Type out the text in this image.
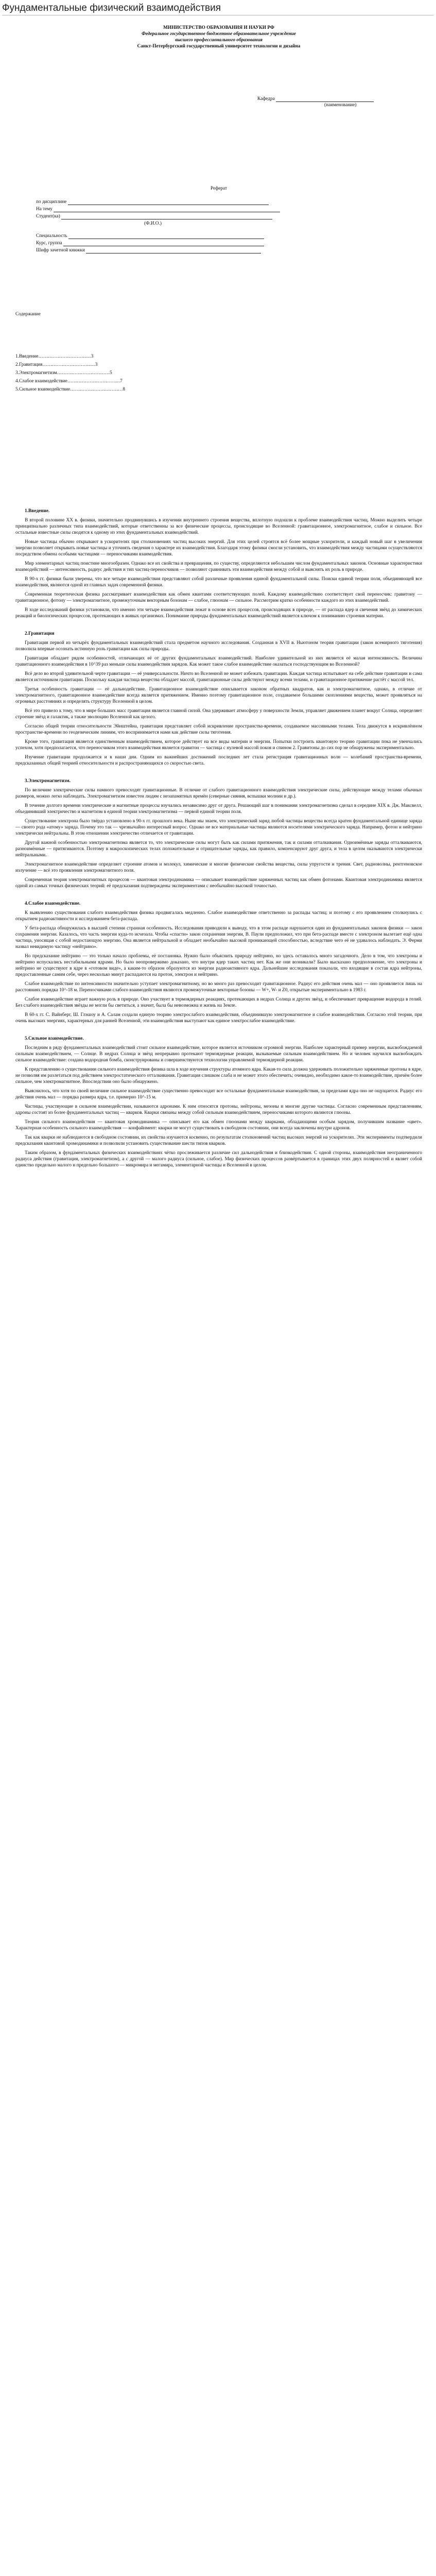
Фундаментальные физический взаимодействия

МИНИСТЕРСТВО ОБРАЗОВАНИЯ И НАУКИ РФ

Федеральное государственное бюджетное образовательное учреждение

высшего профессионального образования

Санкт-Петербургский государственный университет технологии и дизайна

Кафедра
(наименование)

Реферат

по дисциплине
На тему
Студент(ка)
(Ф.И.О.)
Специальность
Курс, группа
Шифр зачетной книжки

Содержание

1.Введение……………………………3
2.Гравитация……………………………3
3.Электромагнетизм……………………………5
4.Слабое взаимодействие……………………………7
5.Сильное взаимодействие……………………………8

1.Введение.

В второй половине XX в. физики, значительно продвинувшись в изучении внутреннего строения вещества, вплотную подошли к проблеме взаимодействия частиц. Можно выделить четыре принципиально различных типа взаимодействий, которые ответственны за все физические процессы, происходящие во Вселенной: гравитационное, электромагнитное, слабое и сильное. Все остальные известные силы сводятся к одному из этих фундаментальных взаимодействий.

Новые частицы обычно открывают в ускорителях при столкновениях частиц высоких энергий. Для этих целей строятся всё более мощные ускорители, и каждый новый шаг в увеличении энергии позволяет открывать новые частицы и уточнять сведения о характере их взаимодействия. Благодаря этому физики смогли установить, что взаимодействия между частицами осуществляются посредством обмена особыми частицами — переносчиками взаимодействия.

Мир элементарных частиц поистине многообразен. Однако все их свойства и превращения, по существу, определяются небольшим числом фундаментальных законов. Основные характеристики взаимодействий — интенсивность, радиус действия и тип частиц-переносчиков — позволяют сравнивать эти взаимодействия между собой и выяснять их роль в природе.

В 90-х гг. физики были уверены, что все четыре взаимодействия представляют собой различные проявления единой фундаментальной силы. Поиски единой теории поля, объединяющей все взаимодействия, являются одной из главных задач современной физики.

Современная теоретическая физика рассматривает взаимодействия как обмен квантами соответствующих полей. Каждому взаимодействию соответствует свой переносчик: гравитону — гравитационное, фотону — электромагнитное, промежуточным векторным бозонам — слабое, глюонам — сильное. Рассмотрим кратко особенности каждого из этих взаимодействий.

В ходе исследований физики установили, что именно эти четыре взаимодействия лежат в основе всех процессов, происходящих в природе, — от распада ядер и свечения звёзд до химических реакций и биологических процессов, протекающих в живых организмах. Понимание природы фундаментальных взаимодействий является ключом к пониманию строения материи.

2.Гравитация

Гравитация первой из четырёх фундаментальных взаимодействий стала предметом научного исследования. Созданная в XVII в. Ньютоном теория гравитации (закон всемирного тяготения) позволила впервые осознать истинную роль гравитации как силы природы.

Гравитация обладает рядом особенностей, отличающих её от других фундаментальных взаимодействий. Наиболее удивительной из них является её малая интенсивность. Величина гравитационного взаимодействия в 10^39 раз меньше силы взаимодействия зарядов. Как может такое слабое взаимодействие оказаться господствующим во Вселенной?

Всё дело во второй удивительной черте гравитации — её универсальности. Ничто во Вселенной не может избежать гравитации. Каждая частица испытывает на себе действие гравитации и сама является источником гравитации. Поскольку каждая частица вещества обладает массой, гравитационные силы действуют между всеми телами, и гравитационное притяжение растёт с массой тел.

Третья особенность гравитации — её дальнодействие. Гравитационное взаимодействие описывается законом обратных квадратов, как и электромагнитное, однако, в отличие от электромагнитного, гравитационное взаимодействие всегда является притяжением. Именно поэтому гравитационное поле, создаваемое большими скоплениями вещества, может проявляться на огромных расстояниях и определять структуру Вселенной в целом.

Всё это привело к тому, что в мире больших масс гравитация является главной силой. Она удерживает атмосферу у поверхности Земли, управляет движением планет вокруг Солнца, определяет строение звёзд и галактик, а также эволюцию Вселенной как целого.

Согласно общей теории относительности Эйнштейна, гравитация представляет собой искривление пространства-времени, создаваемое массивными телами. Тела движутся в искривлённом пространстве-времени по геодезическим линиям, что воспринимается нами как действие силы тяготения.

Кроме того, гравитация является единственным взаимодействием, которое действует на все виды материи и энергии. Попытки построить квантовую теорию гравитации пока не увенчались успехом, хотя предполагается, что переносчиком этого взаимодействия является гравитон — частица с нулевой массой покоя и спином 2. Гравитоны до сих пор не обнаружены экспериментально.

Изучение гравитации продолжается и в наши дни. Одним из важнейших достижений последних лет стала регистрация гравитационных волн — колебаний пространства-времени, предсказанных общей теорией относительности и распространяющихся со скоростью света.

3.Электромагнетизм.

По величине электрические силы намного превосходят гравитационные. В отличие от слабого гравитационного взаимодействия электрические силы, действующие между телами обычных размеров, можно легко наблюдать. Электромагнетизм известен людям с незапамятных времён (северные сияния, вспышки молнии и др.).

В течение долгого времени электрические и магнитные процессы изучались независимо друг от друга. Решающий шаг в понимании электромагнетизма сделал в середине XIX в. Дж. Максвелл, объединивший электричество и магнетизм в единой теории электромагнетизма — первой единой теории поля.

Существование электрона было твёрдо установлено в 90-х гг. прошлого века. Ныне мы знаем, что электрический заряд любой частицы вещества всегда кратен фундаментальной единице заряда — своего рода «атому» заряда. Почему это так — чрезвычайно интересный вопрос. Однако не все материальные частицы являются носителями электрического заряда. Например, фотон и нейтрино электрически нейтральны. В этом отношении электричество отличается от гравитации.

Другой важной особенностью электромагнетизма является то, что электрические силы могут быть как силами притяжения, так и силами отталкивания. Одноимённые заряды отталкиваются, разноимённые — притягиваются. Поэтому в макроскопических телах положительные и отрицательные заряды, как правило, компенсируют друг друга, и тела в целом оказываются электрически нейтральными.

Электромагнитное взаимодействие определяет строение атомов и молекул, химические и многие физические свойства вещества, силы упругости и трения. Свет, радиоволны, рентгеновское излучение — всё это проявления электромагнитного поля.

Современная теория электромагнитных процессов — квантовая электродинамика — описывает взаимодействие заряженных частиц как обмен фотонами. Квантовая электродинамика является одной из самых точных физических теорий: её предсказания подтверждены экспериментами с необычайно высокой точностью.

4.Слабое взаимодействие.

К выявлению существования слабого взаимодействия физика продвигалась медленно. Слабое взаимодействие ответственно за распады частиц; и поэтому с его проявлением столкнулись с открытием радиоактивности и исследованием бета-распада.

У бета-распада обнаружилась в высшей степени странная особенность. Исследования приводили к выводу, что в этом распаде нарушается один из фундаментальных законов физики — закон сохранения энергии. Казалось, что часть энергии куда-то исчезала. Чтобы «спасти» закон сохранения энергии, В. Паули предположил, что при бета-распаде вместе с электроном вылетает ещё одна частица, уносящая с собой недостающую энергию. Она является нейтральной и обладает необычайно высокой проникающей способностью, вследствие чего её не удавалось наблюдать. Э. Ферми назвал невидимую частицу «нейтрино».

Но предсказание нейтрино — это только начало проблемы, её постановка. Нужно было объяснить природу нейтрино, но здесь оставалось много загадочного. Дело в том, что электроны и нейтрино испускались нестабильными ядрами. Но было неопровержимо доказано, что внутри ядер таких частиц нет. Как же они возникали? Было высказано предположение, что электроны и нейтрино не существуют в ядре в «готовом виде», а каким-то образом образуются из энергии радиоактивного ядра. Дальнейшие исследования показали, что входящие в состав ядра нейтроны, предоставленные самим себе, через несколько минут распадаются на протон, электрон и нейтрино.

Слабое взаимодействие по интенсивности значительно уступает электромагнитному, но во много раз превосходит гравитационное. Радиус его действия очень мал — оно проявляется лишь на расстояниях порядка 10^-18 м. Переносчиками слабого взаимодействия являются промежуточные векторные бозоны — W+, W- и Z0, открытые экспериментально в 1983 г.

Слабое взаимодействие играет важную роль в природе. Оно участвует в термоядерных реакциях, протекающих в недрах Солнца и других звёзд, и обеспечивает превращение водорода в гелий. Без слабого взаимодействия звёзды не могли бы светиться, а значит, была бы невозможна и жизнь на Земле.

В 60-х гг. С. Вайнберг, Ш. Глэшоу и А. Салам создали единую теорию электрослабого взаимодействия, объединившую электромагнитное и слабое взаимодействия. Согласно этой теории, при очень высоких энергиях, характерных для ранней Вселенной, эти взаимодействия выступают как единое электрослабое взаимодействие.

5.Сильное взаимодействие.

Последним в ряду фундаментальных взаимодействий стоит сильное взаимодействие, которое является источником огромной энергии. Наиболее характерный пример энергии, высвобождаемой сильным взаимодействием, — Солнце. В недрах Солнца и звёзд непрерывно протекают термоядерные реакции, вызываемые сильным взаимодействием. Но и человек научился высвобождать сильное взаимодействие: создана водородная бомба, сконструированы и совершенствуются технологии управляемой термоядерной реакции.

К представлению о существовании сильного взаимодействия физика шла в ходе изучения структуры атомного ядра. Какая-то сила должна удерживать положительно заряженные протоны в ядре, не позволяя им разлетаться под действием электростатического отталкивания. Гравитация слишком слаба и не может этого обеспечить; очевидно, необходимо какое-то взаимодействие, причём более сильное, чем электромагнитное. Впоследствии оно было обнаружено.

Выяснилось, что хотя по своей величине сильное взаимодействие существенно превосходит все остальные фундаментальные взаимодействия, за пределами ядра оно не ощущается. Радиус его действия очень мал — порядка размера ядра, т.е. примерно 10^-15 м.

Частицы, участвующие в сильном взаимодействии, называются адронами. К ним относятся протоны, нейтроны, мезоны и многие другие частицы. Согласно современным представлениям, адроны состоят из более фундаментальных частиц — кварков. Кварки связаны между собой сильным взаимодействием, переносчиками которого являются глюоны.

Теория сильного взаимодействия — квантовая хромодинамика — описывает его как обмен глюонами между кварками, обладающими особым зарядом, получившим название «цвет». Характерная особенность сильного взаимодействия — конфайнмент: кварки не могут существовать в свободном состоянии, они всегда заключены внутри адронов.

Так как кварки не наблюдаются в свободном состоянии, их свойства изучаются косвенно, по результатам столкновений частиц высоких энергий на ускорителях. Эти эксперименты подтвердили предсказания квантовой хромодинамики и позволили установить существование шести типов кварков.

Таким образом, в фундаментальных физических взаимодействиях чётко прослеживается различие сил дальнодействия и близкодействия. С одной стороны, взаимодействия неограниченного радиуса действия (гравитация, электромагнетизм), а с другой — малого радиуса (сильное, слабое). Мир физических процессов развёртывается в границах этих двух полярностей и являет собой единство предельно малого и предельно большого — микромира и мегамира, элементарной частицы и Вселенной в целом.
